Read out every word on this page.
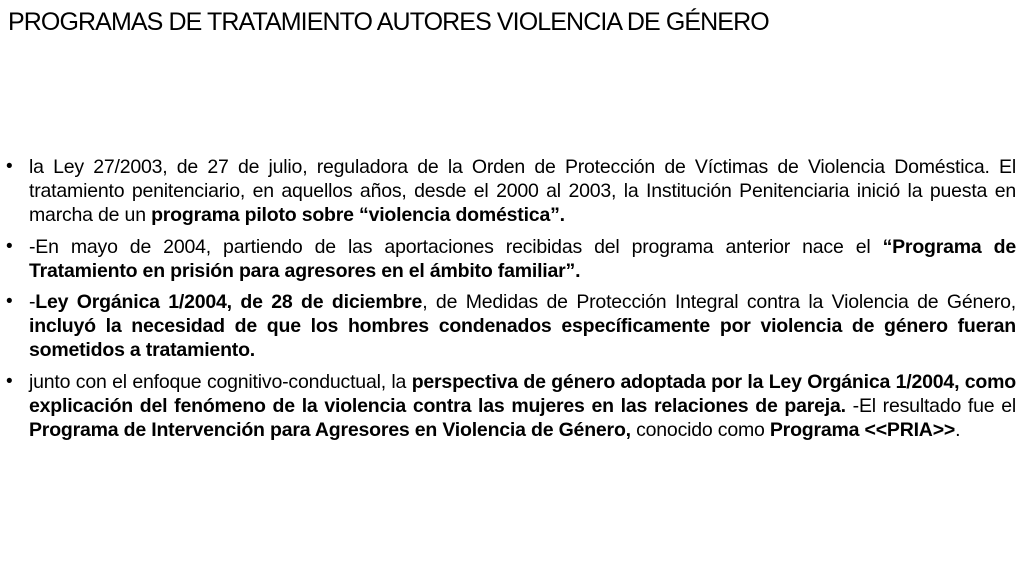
PROGRAMAS DE TRATAMIENTO AUTORES VIOLENCIA DE GÉNERO
• la Ley 27/2003, de 27 de julio, reguladora de la Orden de Protección de Víctimas de Violencia Doméstica. El tratamiento penitenciario, en aquellos años, desde el 2000 al 2003, la Institución Penitenciaria inició la puesta en marcha de un programa piloto sobre “violencia doméstica”.
• -En mayo de 2004, partiendo de las aportaciones recibidas del programa anterior nace el “Programa de Tratamiento en prisión para agresores en el ámbito familiar”.
• -Ley Orgánica 1/2004, de 28 de diciembre, de Medidas de Protección Integral contra la Violencia de Género, incluyó la necesidad de que los hombres condenados específicamente por violencia de género fueran sometidos a tratamiento.
• junto con el enfoque cognitivo-conductual, la perspectiva de género adoptada por la Ley Orgánica 1/2004, como explicación del fenómeno de la violencia contra las mujeres en las relaciones de pareja. -El resultado fue el Programa de Intervención para Agresores en Violencia de Género, conocido como Programa <<PRIA>>.
